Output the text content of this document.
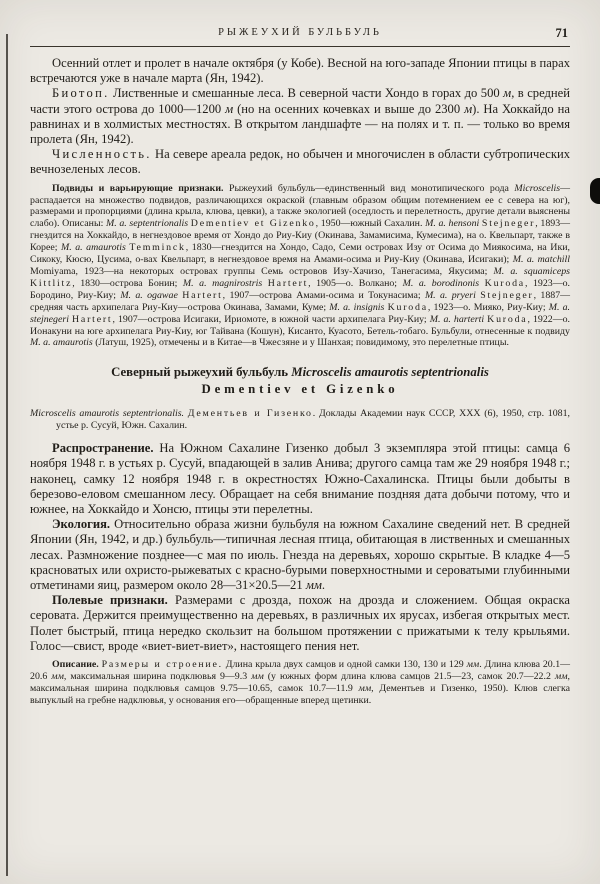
РЫЖЕУХИЙ БУЛЬБУЛЬ	71

Осенний отлет и пролет в начале октября (у Кобе). Весной на юго-западе Японии птицы в парах встречаются уже в начале марта (Ян, 1942).

Биотоп. Лиственные и смешанные леса. В северной части Хондо в горах до 500 м, в средней части этого острова до 1000—1200 м (но на осенних кочевках и выше до 2300 м). На Хоккайдо на равнинах и в холмистых местностях. В открытом ландшафте — на полях и т. п. — только во время пролета (Ян, 1942).

Численность. На севере ареала редок, но обычен и многочислен в области субтропических вечнозеленых лесов.

Подвиды и варьирующие признаки. Рыжеухий бульбуль—единственный вид монотипического рода Microscelis—распадается на множество подвидов, различающихся окраской (главным образом общим потемнением ее с севера на юг), размерами и пропорциями (длина крыла, клюва, цевки), а также экологией (оседлость и перелетность, другие детали выяснены слабо). Описаны: M. a. septentrionalis Dementiev et Gizenko, 1950—южный Сахалин. M. a. hensoni Stejneger, 1893—гнездится на Хоккайдо, в негнездовое время от Хондо до Риу-Киу (Окинава, Замамисима, Кумесима), на о. Квельпарт, также в Корее; M. a. amaurotis Temminck, 1830—гнездится на Хондо, Садо, Семи островах Изу от Осима до Миякосима, на Ики, Сикоку, Кюсю, Цусима, о-вах Квельпарт, в негнездовое время на Амами-осима и Риу-Киу (Окинава, Исигаки); M. a. matchill Momiyama, 1923—на некоторых островах группы Семь островов Изу-Хачизо, Танегасима, Якусима; M. a. squamiceps Kittlitz, 1830—острова Бонин; M. a. magnirostris Hartert, 1905—о. Волкано; M. a. borodinonis Kuroda, 1923—о. Бородино, Риу-Киу; M. a. ogawae Hartert, 1907—острова Амами-осима и Токунасима; M. a. pryeri Stejneger, 1887—средняя часть архипелага Риу-Киу—острова Окинава, Замами, Куме; M. a. insignis Kuroda, 1923—о. Мияко, Риу-Киу; M. a. stejnegeri Hartert, 1907—острова Исигаки, Ириомоте, в южной части архипелага Риу-Киу; M. a. harterti Kuroda, 1922—о. Ионакуни на юге архипелага Риу-Киу, юг Тайвана (Кошун), Кисанто, Куасото, Бетель-тобаго. Бульбули, отнесенные к подвиду M. a. amaurotis (Латуш, 1925), отмечены и в Китае—в Чжесзяне и у Шанхая; повидимому, это перелетные птицы.

Северный рыжеухий бульбуль Microscelis amaurotis septentrionalis

Dementiev et Gizenko

Microscelis amaurotis septentrionalis. Дементьев и Гизенко. Доклады Академии наук СССР, XXX (6), 1950, стр. 1081, устье р. Сусуй, Южн. Сахалин.

Распространение. На Южном Сахалине Гизенко добыл 3 экземпляра этой птицы: самца 6 ноября 1948 г. в устьях р. Сусуй, впадающей в залив Анива; другого самца там же 29 ноября 1948 г.; наконец, самку 12 ноября 1948 г. в окрестностях Южно-Сахалинска. Птицы были добыты в березово-еловом смешанном лесу. Обращает на себя внимание поздняя дата добычи потому, что и южнее, на Хоккайдо и Хонсю, птицы эти перелетны.

Экология. Относительно образа жизни бульбуля на южном Сахалине сведений нет. В средней Японии (Ян, 1942, и др.) бульбуль—типичная лесная птица, обитающая в лиственных и смешанных лесах. Размножение позднее—с мая по июль. Гнезда на деревьях, хорошо скрытые. В кладке 4—5 красноватых или охристо-рыжеватых с красно-бурыми поверхностными и сероватыми глубинными отметинами яиц, размером около 28—31×20.5—21 мм.

Полевые признаки. Размерами с дрозда, похож на дрозда и сложением. Общая окраска серовата. Держится преимущественно на деревьях, в различных их ярусах, избегая открытых мест. Полет быстрый, птица нередко скользит на большом протяжении с прижатыми к телу крыльями. Голос—свист, вроде «виет-виет-виет», настоящего пения нет.

Описание. Размеры и строение. Длина крыла двух самцов и одной самки 130, 130 и 129 мм. Длина клюва 20.1—20.6 мм, максимальная ширина подклювья 9—9.3 мм (у южных форм длина клюва самцов 21.5—23, самок 20.7—22.2 мм, максимальная ширина подклювья самцов 9.75—10.65, самок 10.7—11.9 мм, Дементьев и Гизенко, 1950). Клюв слегка выпуклый на гребне надклювья, у основания его—обращенные вперед щетинки.
